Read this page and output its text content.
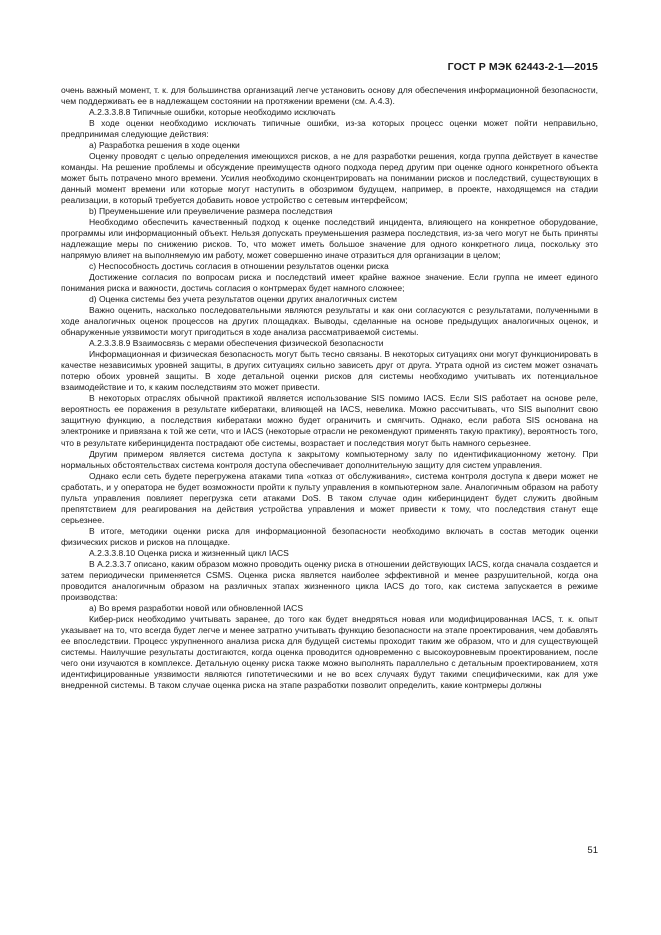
ГОСТ Р МЭК 62443-2-1—2015

очень важный момент, т. к. для большинства организаций легче установить основу для обеспечения информационной безопасности, чем поддерживать ее в надлежащем состоянии на протяжении времени (см. А.4.3).

А.2.3.3.8.8 Типичные ошибки, которые необходимо исключать

В ходе оценки необходимо исключать типичные ошибки, из-за которых процесс оценки может пойти неправильно, предпринимая следующие действия:

а) Разработка решения в ходе оценки

Оценку проводят с целью определения имеющихся рисков, а не для разработки решения, когда группа действует в качестве команды. На решение проблемы и обсуждение преимуществ одного подхода перед другим при оценке одного конкретного объекта может быть потрачено много времени. Усилия необходимо сконцентрировать на понимании рисков и последствий, существующих в данный момент времени или которые могут наступить в обозримом будущем, например, в проекте, находящемся на стадии реализации, в который требуется добавить новое устройство с сетевым интерфейсом;

b) Преуменьшение или преувеличение размера последствия

Необходимо обеспечить качественный подход к оценке последствий инцидента, влияющего на конкретное оборудование, программы или информационный объект. Нельзя допускать преуменьшения размера последствия, из-за чего могут не быть приняты надлежащие меры по снижению рисков. То, что может иметь большое значение для одного конкретного лица, поскольку это напрямую влияет на выполняемую им работу, может совершенно иначе отразиться для организации в целом;

с) Неспособность достичь согласия в отношении результатов оценки риска

Достижение согласия по вопросам риска и последствий имеет крайне важное значение. Если группа не имеет единого понимания риска и важности, достичь согласия о контрмерах будет намного сложнее;

d) Оценка системы без учета результатов оценки других аналогичных систем

Важно оценить, насколько последовательными являются результаты и как они согласуются с результатами, полученными в ходе аналогичных оценок процессов на других площадках. Выводы, сделанные на основе предыдущих аналогичных оценок, и обнаруженные уязвимости могут пригодиться в ходе анализа рассматриваемой системы.

А.2.3.3.8.9 Взаимосвязь с мерами обеспечения физической безопасности

Информационная и физическая безопасность могут быть тесно связаны. В некоторых ситуациях они могут функционировать в качестве независимых уровней защиты, в других ситуациях сильно зависеть друг от друга. Утрата одной из систем может означать потерю обоих уровней защиты. В ходе детальной оценки рисков для системы необходимо учитывать их потенциальное взаимодействие и то, к каким последствиям это может привести.

В некоторых отраслях обычной практикой является использование SIS помимо IACS. Если SIS работает на основе реле, вероятность ее поражения в результате кибератаки, влияющей на IACS, невелика. Можно рассчитывать, что SIS выполнит свою защитную функцию, а последствия кибератаки можно будет ограничить и смягчить. Однако, если работа SIS основана на электронике и привязана к той же сети, что и IACS (некоторые отрасли не рекомендуют применять такую практику), вероятность того, что в результате киберинцидента пострадают обе системы, возрастает и последствия могут быть намного серьезнее.

Другим примером является система доступа к закрытому компьютерному залу по идентификационному жетону. При нормальных обстоятельствах система контроля доступа обеспечивает дополнительную защиту для систем управления.

Однако если сеть будете перегружена атаками типа «отказ от обслуживания», система контроля доступа к двери может не сработать, и у оператора не будет возможности пройти к пульту управления в компьютерном зале. Аналогичным образом на работу пульта управления повлияет перегрузка сети атаками DoS. В таком случае один киберинцидент будет служить двойным препятствием для реагирования на действия устройства управления и может привести к тому, что последствия станут еще серьезнее.

В итоге, методики оценки риска для информационной безопасности необходимо включать в состав методик оценки физических рисков и рисков на площадке.

А.2.3.3.8.10 Оценка риска и жизненный цикл IACS

В А.2.3.3.7 описано, каким образом можно проводить оценку риска в отношении действующих IACS, когда сначала создается и затем периодически применяется CSMS. Оценка риска является наиболее эффективной и менее разрушительной, когда она проводится аналогичным образом на различных этапах жизненного цикла IACS до того, как система запускается в режиме производства:

а) Во время разработки новой или обновленной IACS

Кибер-риск необходимо учитывать заранее, до того как будет внедряться новая или модифицированная IACS, т. к. опыт указывает на то, что всегда будет легче и менее затратно учитывать функцию безопасности на этапе проектирования, чем добавлять ее впоследствии. Процесс укрупненного анализа риска для будущей системы проходит таким же образом, что и для существующей системы. Наилучшие результаты достигаются, когда оценка проводится одновременно с высокоуровневым проектированием, после чего они изучаются в комплексе. Детальную оценку риска также можно выполнять параллельно с детальным проектированием, хотя идентифицированные уязвимости являются гипотетическими и не во всех случаях будут такими специфическими, как для уже внедренной системы. В таком случае оценка риска на этапе разработки позволит определить, какие контрмеры должны

51
